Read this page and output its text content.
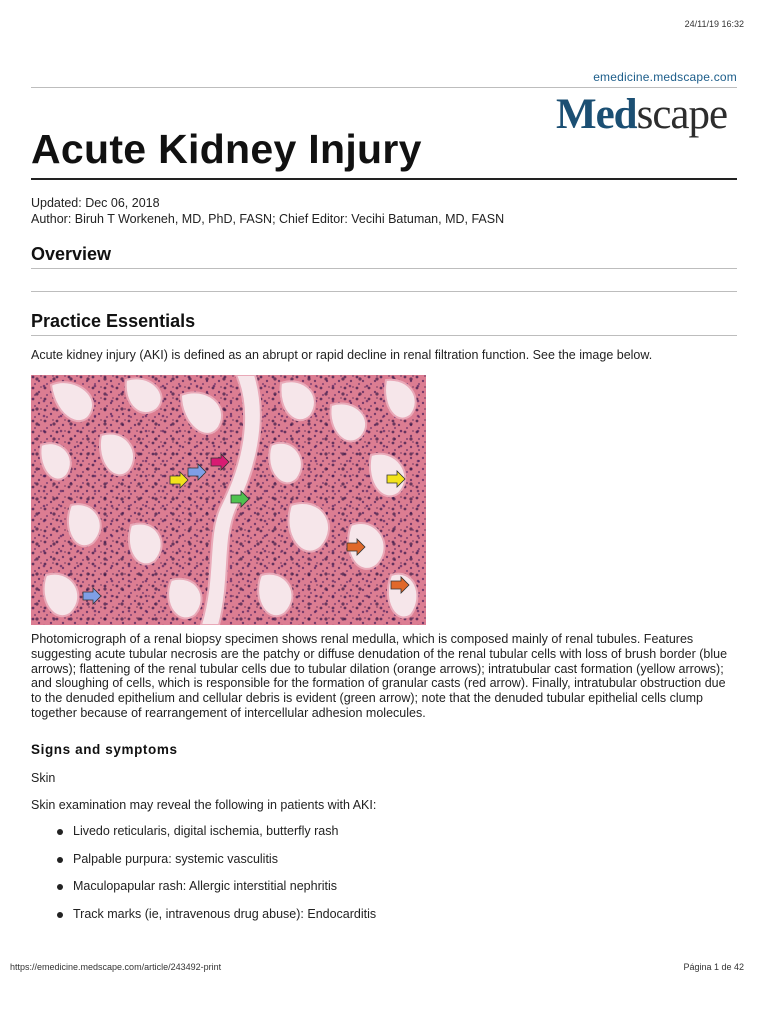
24/11/19 16:32
emedicine.medscape.com
Medscape
Acute Kidney Injury
Updated: Dec 06, 2018
Author: Biruh T Workeneh, MD, PhD, FASN; Chief Editor: Vecihi Batuman, MD, FASN
Overview
Practice Essentials

Acute kidney injury (AKI) is defined as an abrupt or rapid decline in renal filtration function. See the image below.

Photomicrograph of a renal biopsy specimen shows renal medulla, which is composed mainly of renal tubules. Features suggesting acute tubular necrosis are the patchy or diffuse denudation of the renal tubular cells with loss of brush border (blue arrows); flattening of the renal tubular cells due to tubular dilation (orange arrows); intratubular cast formation (yellow arrows); and sloughing of cells, which is responsible for the formation of granular casts (red arrow). Finally, intratubular obstruction due to the denuded epithelium and cellular debris is evident (green arrow); note that the denuded tubular epithelial cells clump together because of rearrangement of intercellular adhesion molecules.

Signs and symptoms
Skin
Skin examination may reveal the following in patients with AKI:
Livedo reticularis, digital ischemia, butterfly rash
Palpable purpura: systemic vasculitis
Maculopapular rash: Allergic interstitial nephritis
Track marks (ie, intravenous drug abuse): Endocarditis
https://emedicine.medscape.com/article/243492-print	Página 1 de 42
